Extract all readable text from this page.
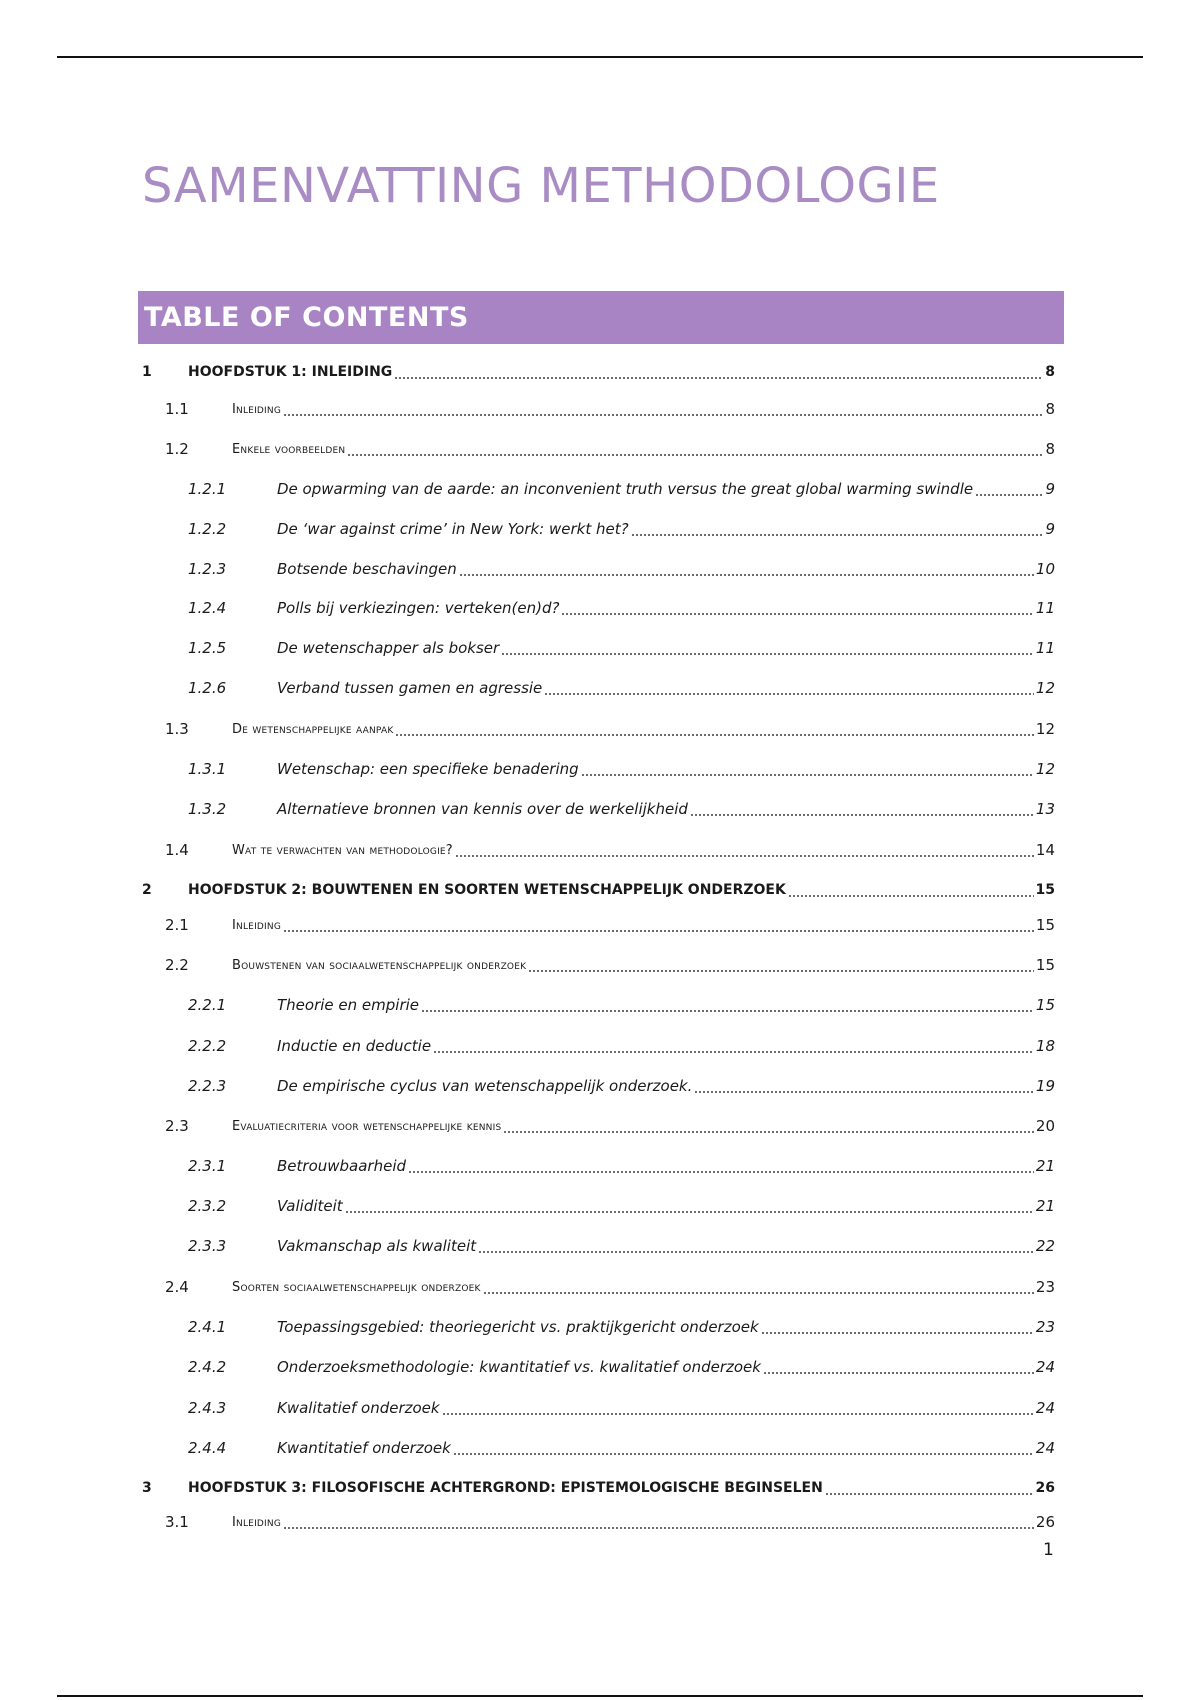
SAMENVATTING METHODOLOGIE
TABLE OF CONTENTS
1	HOOFDSTUK 1: INLEIDING	8
1.1	Inleiding	8
1.2	Enkele voorbeelden	8
1.2.1	De opwarming van de aarde: an inconvenient truth versus the great global warming swindle	9
1.2.2	De ‘war against crime’ in New York: werkt het?	9
1.2.3	Botsende beschavingen	10
1.2.4	Polls bij verkiezingen: verteken(en)d?	11
1.2.5	De wetenschapper als bokser	11
1.2.6	Verband tussen gamen en agressie	12
1.3	De wetenschappelijke aanpak	12
1.3.1	Wetenschap: een specifieke benadering	12
1.3.2	Alternatieve bronnen van kennis over de werkelijkheid	13
1.4	Wat te verwachten van methodologie?	14
2	HOOFDSTUK 2: BOUWTENEN EN SOORTEN WETENSCHAPPELIJK ONDERZOEK	15
2.1	Inleiding	15
2.2	Bouwstenen van sociaalwetenschappelijk onderzoek	15
2.2.1	Theorie en empirie	15
2.2.2	Inductie en deductie	18
2.2.3	De empirische cyclus van wetenschappelijk onderzoek.	19
2.3	Evaluatiecriteria voor wetenschappelijke kennis	20
2.3.1	Betrouwbaarheid	21
2.3.2	Validiteit	21
2.3.3	Vakmanschap als kwaliteit	22
2.4	Soorten sociaalwetenschappelijk onderzoek	23
2.4.1	Toepassingsgebied: theoriegericht vs. praktijkgericht onderzoek	23
2.4.2	Onderzoeksmethodologie: kwantitatief vs. kwalitatief onderzoek	24
2.4.3	Kwalitatief onderzoek	24
2.4.4	Kwantitatief onderzoek	24
3	HOOFDSTUK 3: FILOSOFISCHE ACHTERGROND: EPISTEMOLOGISCHE BEGINSELEN	26
3.1	Inleiding	26
1
